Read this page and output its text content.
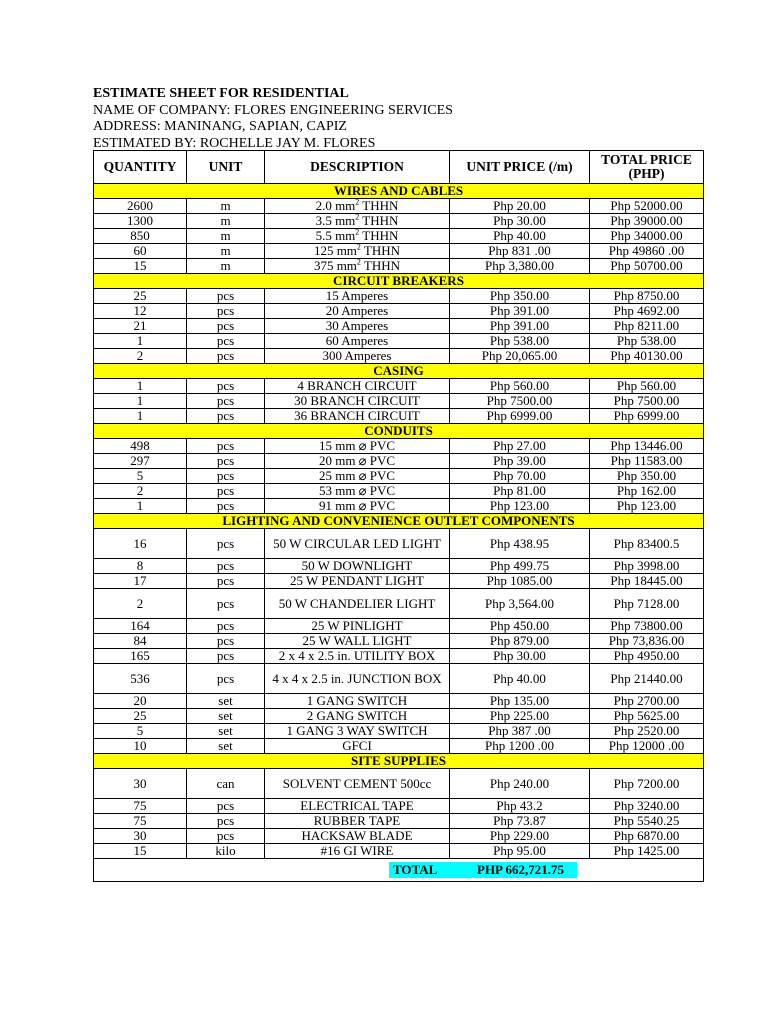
ESTIMATE SHEET FOR RESIDENTIAL
NAME OF COMPANY: FLORES ENGINEERING SERVICES
ADDRESS: MANINANG, SAPIAN, CAPIZ
ESTIMATED BY: ROCHELLE JAY M. FLORES
QUANTITY	UNIT	DESCRIPTION	UNIT PRICE (/m)	TOTAL PRICE (PHP)
WIRES AND CABLES				
2600	m	2.0 $mm^2$ THHN	Php 20.00	Php 52000.00
1300	m	3.5 $mm^2$ THHN	Php 30.00	Php 39000.00
850	m	5.5 $mm^2$ THHN	Php 40.00	Php 34000.00
60	m	125 $mm^2$ THHN	Php 831 .00	Php 49860 .00
15	m	375 $mm^2$ THHN	Php 3,380.00	Php 50700.00
CIRCUIT BREAKERS				
25	pcs	15 Amperes	Php 350.00	Php 8750.00
12	pcs	20 Amperes	Php 391.00	Php 4692.00
21	pcs	30 Amperes	Php 391.00	Php 8211.00
1	pcs	60 Amperes	Php 538.00	Php 538.00
2	pcs	300 Amperes	Php 20,065.00	Php 40130.00
CASING				
1	pcs	4 BRANCH CIRCUIT	Php 560.00	Php 560.00
1	pcs	30 BRANCH CIRCUIT	Php 7500.00	Php 7500.00
1	pcs	36 BRANCH CIRCUIT	Php 6999.00	Php 6999.00
CONDUITS				
498	pcs	15 mm ⌀ PVC	Php 27.00	Php 13446.00
297	pcs	20 mm ⌀ PVC	Php 39.00	Php 11583.00
5	pcs	25 mm ⌀ PVC	Php 70.00	Php 350.00
2	pcs	53 mm ⌀ PVC	Php 81.00	Php 162.00
1	pcs	91 mm ⌀ PVC	Php 123.00	Php 123.00
LIGHTING AND CONVENIENCE OUTLET COMPONENTS				
16	pcs	50 W CIRCULAR LED LIGHT	Php 438.95	Php 83400.5
8	pcs	50 W DOWNLIGHT	Php 499.75	Php 3998.00
17	pcs	25 W PENDANT LIGHT	Php 1085.00	Php 18445.00
2	pcs	50 W CHANDELIER LIGHT	Php 3,564.00	Php 7128.00
164	pcs	25 W PINLIGHT	Php 450.00	Php 73800.00
84	pcs	25 W WALL LIGHT	Php 879.00	Php 73,836.00
165	pcs	2 x 4 x 2.5 in. UTILITY BOX	Php 30.00	Php 4950.00
536	pcs	4 x 4 x 2.5 in. JUNCTION BOX	Php 40.00	Php 21440.00
20	set	1 GANG SWITCH	Php 135.00	Php 2700.00
25	set	2 GANG SWITCH	Php 225.00	Php 5625.00
5	set	1 GANG 3 WAY SWITCH	Php 387 .00	Php 2520.00
10	set	GFCI	Php 1200 .00	Php 12000 .00
SITE SUPPLIES				
30	can	SOLVENT CEMENT 500cc	Php 240.00	Php 7200.00
75	pcs	ELECTRICAL TAPE	Php 43.2	Php 3240.00
75	pcs	RUBBER TAPE	Php 73.87	Php 5540.25
30	pcs	HACKSAW BLADE	Php 229.00	Php 6870.00
15	kilo	#16 GI WIRE	Php 95.00	Php 1425.00
TOTAL PHP 662,721.75				
